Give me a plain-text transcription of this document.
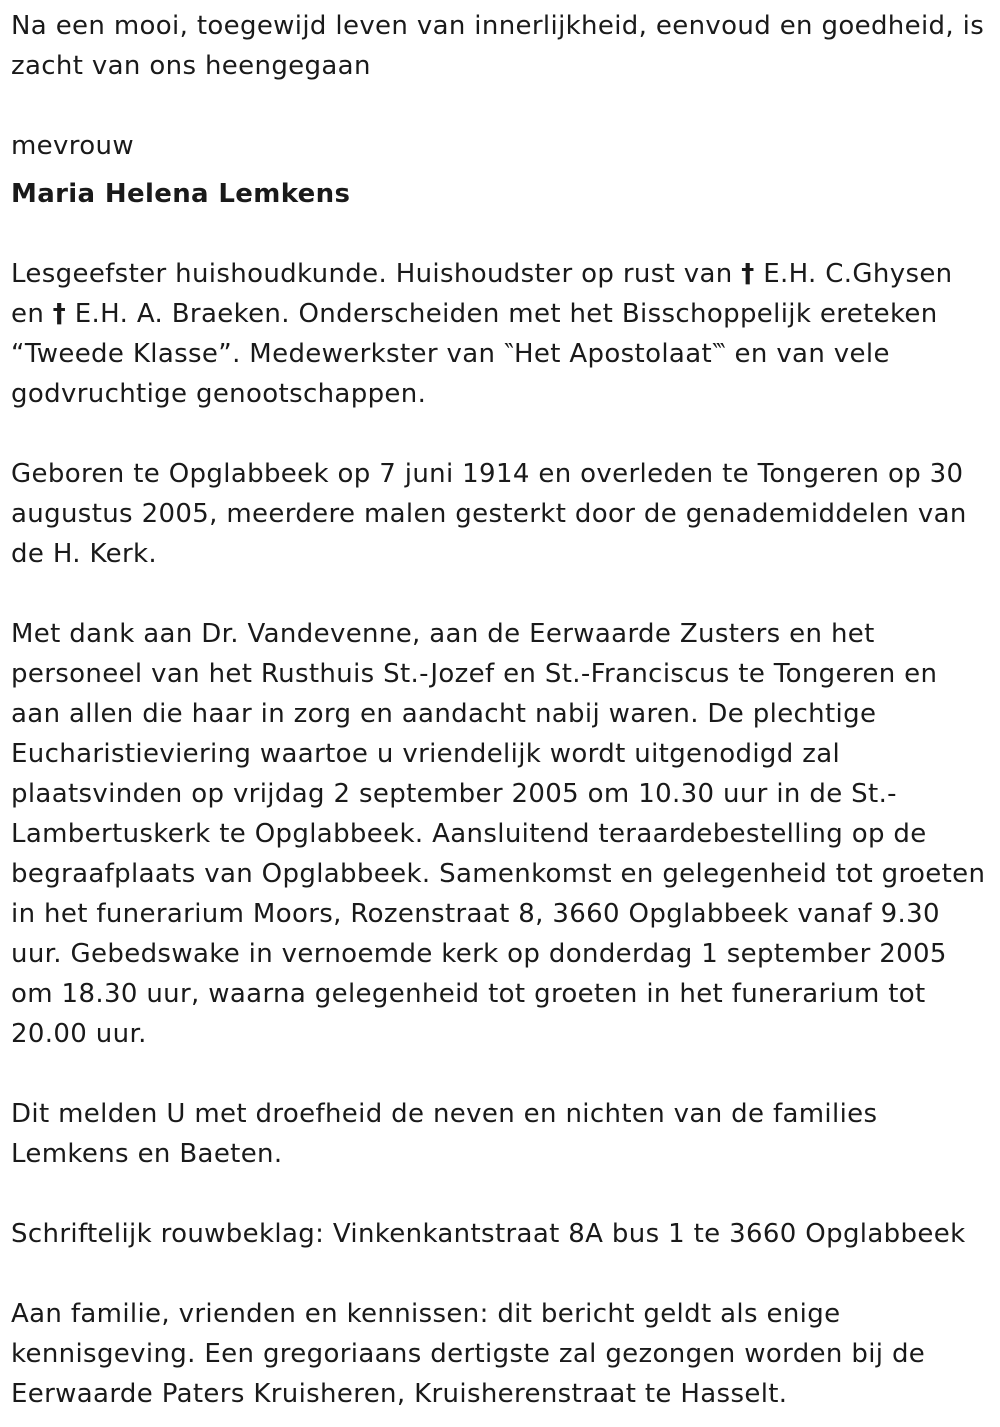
Na een mooi, toegewijd leven van innerlijkheid, eenvoud en goedheid, is zacht van ons heengegaan

mevrouw

Maria Helena Lemkens

Lesgeefster huishoudkunde. Huishoudster op rust van † E.H. C.Ghysen en † E.H. A. Braeken. Onderscheiden met het Bisschoppelijk ereteken “Tweede Klasse”. Medewerkster van ‶Het Apostolaat‷ en van vele godvruchtige genootschappen.

Geboren te Opglabbeek op 7 juni 1914 en overleden te Tongeren op 30 augustus 2005, meerdere malen gesterkt door de genademiddelen van de H. Kerk.

Met dank aan Dr. Vandevenne, aan de Eerwaarde Zusters en het personeel van het Rusthuis St.-Jozef en St.-Franciscus te Tongeren en aan allen die haar in zorg en aandacht nabij waren. De plechtige Eucharistieviering waartoe u vriendelijk wordt uitgenodigd zal plaatsvinden op vrijdag 2 september 2005 om 10.30 uur in de St.-Lambertuskerk te Opglabbeek. Aansluitend teraardebestelling op de begraafplaats van Opglabbeek. Samenkomst en gelegenheid tot groeten in het funerarium Moors, Rozenstraat 8, 3660 Opglabbeek vanaf 9.30 uur. Gebedswake in vernoemde kerk op donderdag 1 september 2005 om 18.30 uur, waarna gelegenheid tot groeten in het funerarium tot 20.00 uur.

Dit melden U met droefheid de neven en nichten van de families Lemkens en Baeten.

Schriftelijk rouwbeklag: Vinkenkantstraat 8A bus 1 te 3660 Opglabbeek

Aan familie, vrienden en kennissen: dit bericht geldt als enige kennisgeving. Een gregoriaans dertigste zal gezongen worden bij de Eerwaarde Paters Kruisheren, Kruisherenstraat te Hasselt.
